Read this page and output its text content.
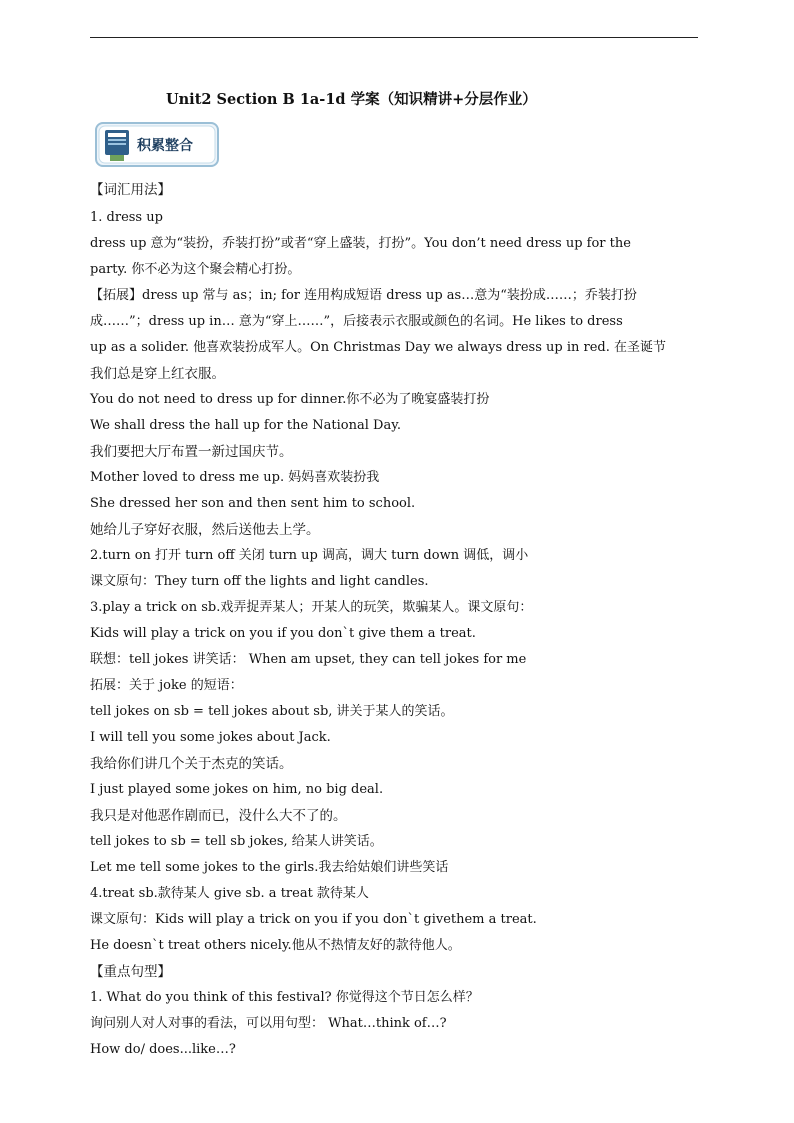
Unit2 Section B 1a-1d 学案（知识精讲+分层作业）
积累整合
【词汇用法】
1. dress up
dress up 意为“装扮，乔装打扮”或者“穿上盛装，打扮”。You don’t need dress up for the
party. 你不必为这个聚会精心打扮。
【拓展】dress up 常与 as；in; for 连用构成短语 dress up as…意为“装扮成……；乔装打扮
成……”；dress up in… 意为“穿上……”，后接表示衣服或颜色的名词。He likes to dress
up as a solider. 他喜欢装扮成军人。On Christmas Day we always dress up in red. 在圣诞节
我们总是穿上红衣服。
You do not need to dress up for dinner.你不必为了晚宴盛装打扮
We shall dress the hall up for the National Day.
我们要把大厅布置一新过国庆节。
Mother loved to dress me up. 妈妈喜欢装扮我
She dressed her son and then sent him to school.
她给儿子穿好衣服，然后送他去上学。
2.turn on 打开 turn off 关闭 turn up 调高，调大 turn down 调低，调小
课文原句：They turn off the lights and light candles.
3.play a trick on sb.戏弄捉弄某人；开某人的玩笑，欺骗某人。课文原句：
Kids will play a trick on you if you don`t give them a treat.
联想：tell jokes 讲笑话： When am upset, they can tell jokes for me
拓展：关于 joke 的短语：
tell jokes on sb = tell jokes about sb, 讲关于某人的笑话。
I will tell you some jokes about Jack.
我给你们讲几个关于杰克的笑话。
I just played some jokes on him, no big deal.
我只是对他恶作剧而已，没什么大不了的。
tell jokes to sb = tell sb jokes, 给某人讲笑话。
Let me tell some jokes to the girls.我去给姑娘们讲些笑话
4.treat sb.款待某人 give sb. a treat 款待某人
课文原句：Kids will play a trick on you if you don`t givethem a treat.
He doesn`t treat others nicely.他从不热情友好的款待他人。
【重点句型】
1. What do you think of this festival? 你觉得这个节日怎么样？
询问别人对人对事的看法，可以用句型： What…think of…?
How do/ does...like…?
